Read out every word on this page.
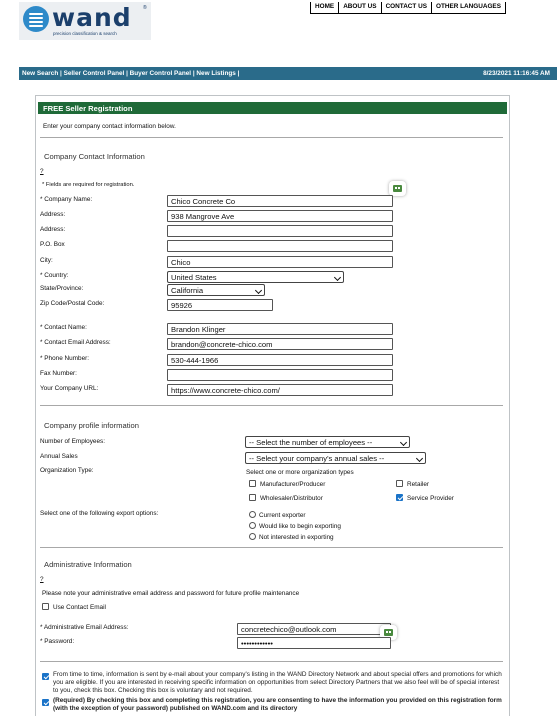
wand ®
precision classification & search
HOME	ABOUT US	CONTACT US	OTHER LANGUAGES
New Search | Seller Control Panel | Buyer Control Panel | New Listings |	8/23/2021 11:16:45 AM
FREE Seller Registration
Enter your company contact information below.
Company Contact Information
?
* Fields are required for registration.
* Company Name:	Chico Concrete Co
Address:	938 Mangrove Ave
Address:
P.O. Box
City:	Chico
* Country:	United States
State/Province:	California
Zip Code/Postal Code:	95926
* Contact Name:	Brandon Klinger
* Contact Email Address:	brandon@concrete-chico.com
* Phone Number:	530-444-1966
Fax Number:
Your Company URL:	https://www.concrete-chico.com/
Company profile information
Number of Employees:	-- Select the number of employees --
Annual Sales	-- Select your company's annual sales --
Organization Type:	Select one or more organization types
Manufacturer/Producer	Retailer
Wholesaler/Distributor	Service Provider
Select one of the following export options:	Current exporter
Would like to begin exporting
Not interested in exporting
Administrative Information
?
Please note your administrative email address and password for future profile maintenance
Use Contact Email
* Administrative Email Address:	concretechico@outlook.com
* Password:	••••••••••••
From time to time, information is sent by e-mail about your company's listing in the WAND Directory Network and about special offers and promotions for which you are eligible. If you are interested in receiving specific information on opportunities from select Directory Partners that we also feel will be of special interest to you, check this box. Checking this box is voluntary and not required.
(Required) By checking this box and completing this registration, you are consenting to have the information you provided on this registration form (with the exception of your password) published on WAND.com and its directory
